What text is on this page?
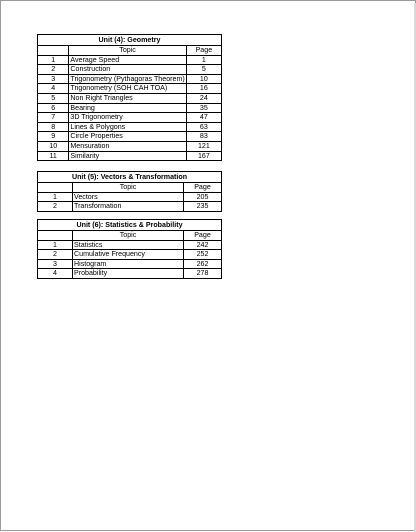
Unit (4): Geometry		
	Topic	Page
1	Average Speed	1
2	Construction	5
3	Trigonometry (Pythagoras Theorem)	10
4	Trigonometry (SOH CAH TOA)	16
5	Non Right Triangles	24
6	Bearing	35
7	3D Trigonometry	47
8	Lines & Polygons	63
9	Circle Properties	83
10	Mensuration	121
11	Similarity	167
Unit (5): Vectors & Transformation		
	Topic	Page
1	Vectors	205
2	Transformation	235
Unit (6): Statistics & Probability		
	Topic	Page
1	Statistics	242
2	Cumulative Frequency	252
3	Histogram	262
4	Probability	278
